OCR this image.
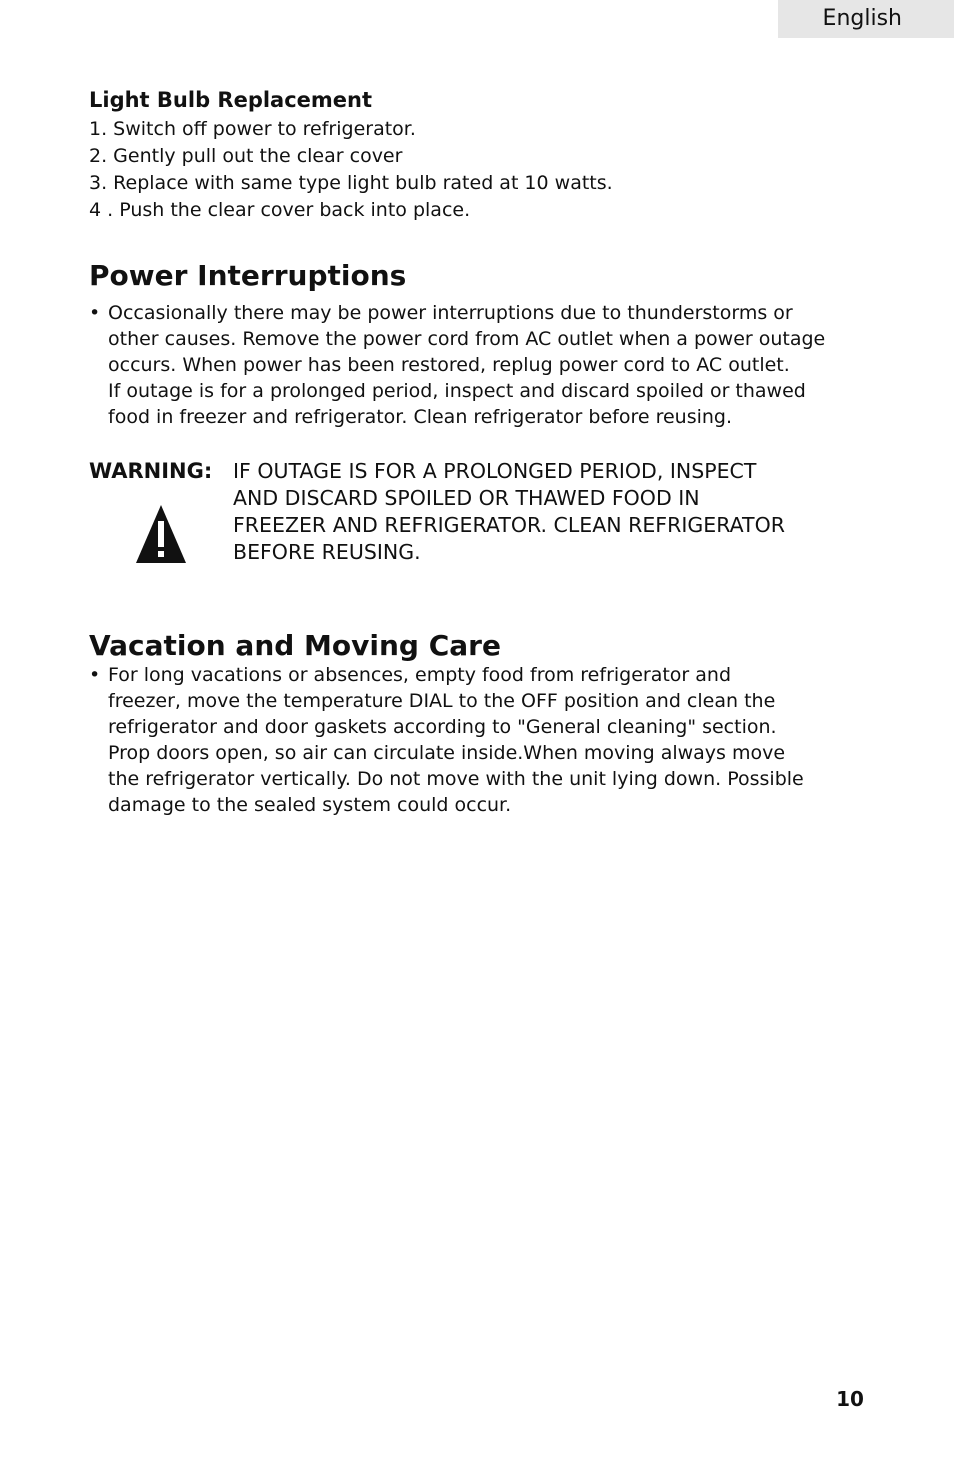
English
Light Bulb Replacement
1. Switch off power to refrigerator.
2. Gently pull out the clear cover
3. Replace with same type light bulb rated at 10 watts.
4 . Push the clear cover back into place.
Power Interruptions

• Occasionally there may be power interruptions due to thunderstorms or
other causes. Remove the power cord from AC outlet when a power outage
occurs. When power has been restored, replug power cord to AC outlet.
If outage is for a prolonged period, inspect and discard spoiled or thawed
food in freezer and refrigerator. Clean refrigerator before reusing.

WARNING: IF OUTAGE IS FOR A PROLONGED PERIOD, INSPECT
AND DISCARD SPOILED OR THAWED FOOD IN
FREEZER AND REFRIGERATOR. CLEAN REFRIGERATOR
BEFORE REUSING.
Vacation and Moving Care

• For long vacations or absences, empty food from refrigerator and
freezer, move the temperature DIAL to the OFF position and clean the
refrigerator and door gaskets according to "General cleaning" section.
Prop doors open, so air can circulate inside.When moving always move
the refrigerator vertically. Do not move with the unit lying down. Possible
damage to the sealed system could occur.

10
